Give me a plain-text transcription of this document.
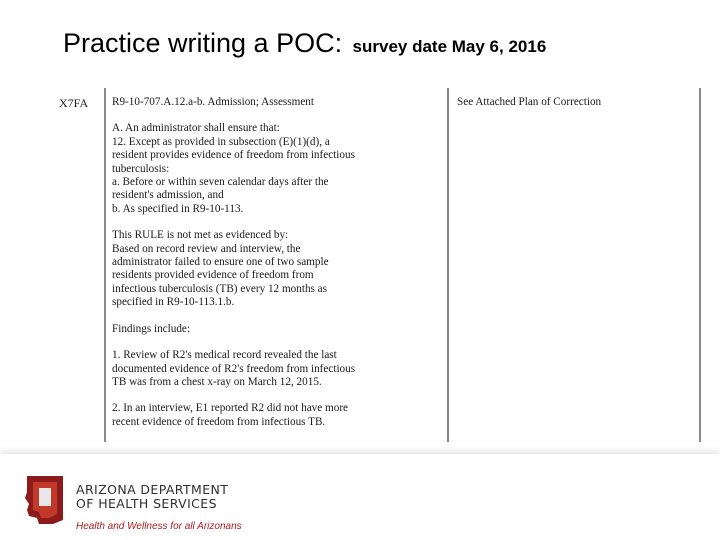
Practice writing a POC: survey date May 6, 2016
X7FA R9-10-707.A.12.a-b. Admission; Assessment

A. An administrator shall ensure that:
12. Except as provided in subsection (E)(1)(d), a
resident provides evidence of freedom from infectious
tuberculosis:
a. Before or within seven calendar days after the
resident's admission, and
b. As specified in R9-10-113.

This RULE is not met as evidenced by:
Based on record review and interview, the
administrator failed to ensure one of two sample
residents provided evidence of freedom from
infectious tuberculosis (TB) every 12 months as
specified in R9-10-113.1.b.

Findings include:

1. Review of R2's medical record revealed the last
documented evidence of R2's freedom from infectious
TB was from a chest x-ray on March 12, 2015.

2. In an interview, E1 reported R2 did not have more
recent evidence of freedom from infectious TB.

See Attached Plan of Correction
ARIZONA DEPARTMENT
OF HEALTH SERVICES
Health and Wellness for all Arizonans
